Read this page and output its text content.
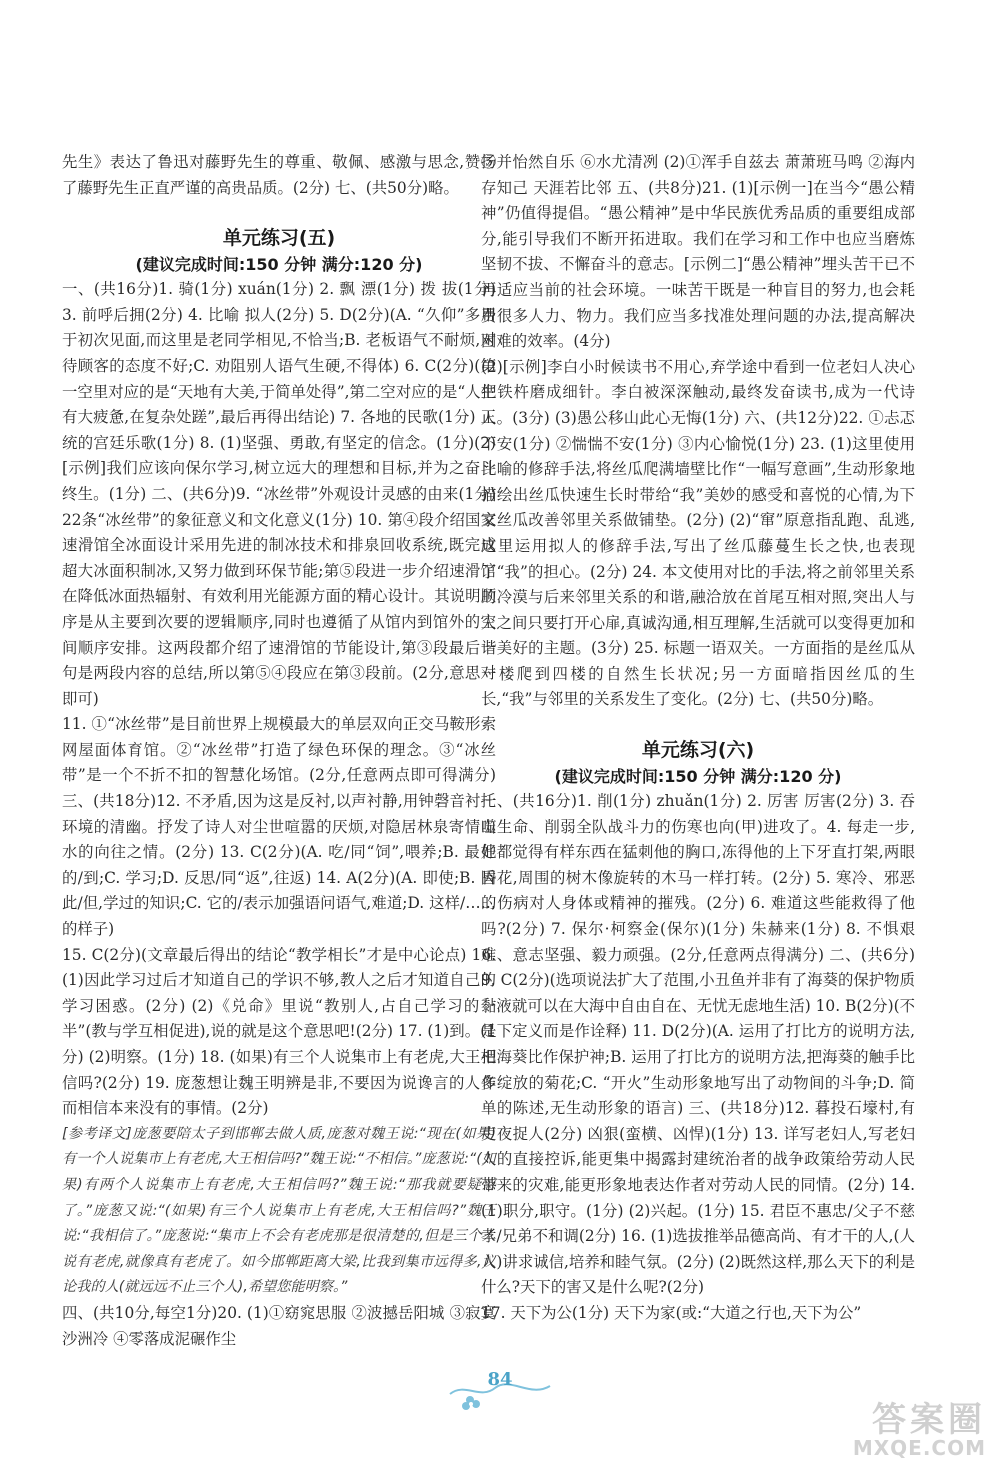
先生》表达了鲁迅对藤野先生的尊重、敬佩、感激与思念,赞扬了藤野先生正直严谨的高贵品质。(2分) 七、(共50分)略。

单元练习(五)
(建议完成时间:150 分钟 满分:120 分)

一、(共16分)1. 骑(1分) xuán(1分) 2. 飘 漂(1分) 拨 拔(1分) 3. 前呼后拥(2分) 4. 比喻 拟人(2分) 5. D(2分)(A. “久仰”多用于初次见面,而这里是老同学相见,不恰当;B. 老板语气不耐烦,对待顾客的态度不好;C. 劝阻别人语气生硬,不得体) 6. C(2分)(第一空里对应的是“天地有大美,于简单处得”,第二空对应的是“人生有大疲惫,在复杂处蹉”,最后再得出结论) 7. 各地的民歌(1分) 正统的宫廷乐歌(1分) 8. (1)坚强、勇敢,有坚定的信念。(1分)(2)[示例]我们应该向保尔学习,树立远大的理想和目标,并为之奋斗终生。(1分) 二、(共6分)9. “冰丝带”外观设计灵感的由来(1分) 22条“冰丝带”的象征意义和文化意义(1分) 10. 第④段介绍国家速滑馆全冰面设计采用先进的制冰技术和排泉回收系统,既完成超大冰面积制冰,又努力做到环保节能;第⑤段进一步介绍速滑馆在降低冰面热辐射、有效利用光能源方面的精心设计。其说明顺序是从主要到次要的逻辑顺序,同时也遵循了从馆内到馆外的空间顺序安排。这两段都介绍了速滑馆的节能设计,第③段最后一句是两段内容的总结,所以第⑤④段应在第③段前。(2分,意思对即可)

11. ①“冰丝带”是目前世界上规模最大的单层双向正交马鞍形索网屋面体育馆。②“冰丝带”打造了绿色环保的理念。③“冰丝带”是一个不折不扣的智慧化场馆。(2分,任意两点即可得满分) 三、(共18分)12. 不矛盾,因为这是反衬,以声衬静,用钟磬音衬托环境的清幽。抒发了诗人对尘世喧嚣的厌烦,对隐居林泉寄情山水的向往之情。(2分) 13. C(2分)(A. 吃/同“饲”,喂养;B. 最好的/到;C. 学习;D. 反思/同“返”,往返) 14. A(2分)(A. 即使;B. 因此/但,学过的知识;C. 它的/表示加强语问语气,难道;D. 这样/……的样子)

15. C(2分)(文章最后得出的结论“教学相长”才是中心论点) 16. (1)因此学习过后才知道自己的学识不够,教人之后才知道自己的学习困惑。(2分) (2)《兑命》里说“教别人,占自己学习的一半”(教与学互相促进),说的就是这个意思吧!(2分) 17. (1)到。(1分) (2)明察。(1分) 18. (如果)有三个人说集市上有老虎,大王相信吗?(2分) 19. 庞葱想让魏王明辨是非,不要因为说谗言的人多而相信本来没有的事情。(2分)

[参考译文]庞葱要陪太子到邯郸去做人质,庞葱对魏王说:“现在(如果)有一个人说集市上有老虎,大王相信吗?”魏王说:“不相信。”庞葱说:“(如果)有两个人说集市上有老虎,大王相信吗?”魏王说:“那我就要疑惑了。”庞葱又说:“(如果)有三个人说集市上有老虎,大王相信吗?”魏王说:“我相信了。”庞葱说:“集市上不会有老虎那是很清楚的,但是三个人说有老虎,就像真有老虎了。如今邯郸距离大梁,比我到集市远得多,议论我的人(就远远不止三个人),希望您能明察。”

四、(共10分,每空1分)20. (1)①窈窕思服 ②波撼岳阳城 ③寂寞沙洲冷 ④零落成泥碾作尘

⑤并怡然自乐 ⑥水尤清冽 (2)①浑手自兹去 萧萧班马鸣 ②海内存知己 天涯若比邻 五、(共8分)21. (1)[示例一]在当今“愚公精神”仍值得提倡。“愚公精神”是中华民族优秀品质的重要组成部分,能引导我们不断开拓进取。我们在学习和工作中也应当磨炼坚韧不拔、不懈奋斗的意志。[示例二]“愚公精神”埋头苦干已不再适应当前的社会环境。一味苦干既是一种盲目的努力,也会耗费很多人力、物力。我们应当多找准处理问题的办法,提高解决困难的效率。(4分)

(2)[示例]李白小时候读书不用心,弃学途中看到一位老妇人决心把铁杵磨成细针。李白被深深触动,最终发奋读书,成为一代诗人。(3分) (3)愚公移山此心无悔(1分) 六、(共12分)22. ①忐忑不安(1分) ②惴惴不安(1分) ③内心愉悦(1分) 23. (1)这里使用比喻的修辞手法,将丝瓜爬满墙壁比作“一幅写意画”,生动形象地描绘出丝瓜快速生长时带给“我”美妙的感受和喜悦的心情,为下文丝瓜改善邻里关系做铺垫。(2分) (2)“窜”原意指乱跑、乱逃,这里运用拟人的修辞手法,写出了丝瓜藤蔓生长之快,也表现了“我”的担心。(2分) 24. 本文使用对比的手法,将之前邻里关系的冷漠与后来邻里关系的和谐,融洽放在首尾互相对照,突出人与人之间只要打开心扉,真诚沟通,相互理解,生活就可以变得更加和谐美好的主题。(3分) 25. 标题一语双关。一方面指的是丝瓜从一楼爬到四楼的自然生长状况;另一方面暗指因丝瓜的生长,“我”与邻里的关系发生了变化。(2分) 七、(共50分)略。

单元练习(六)
(建议完成时间:150 分钟 满分:120 分)

一、(共16分)1. 削(1分) zhuǎn(1分) 2. 厉害 厉害(2分) 3. 吞噬生命、削弱全队战斗力的伤寒也向(甲)进攻了。4. 每走一步,他都觉得有样东西在猛刺他的胸口,冻得他的上下牙直打架,两眼昏花,周围的树木像旋转的木马一样打转。(2分) 5. 寒冷、邪恶的伤病对人身体或精神的摧残。(2分) 6. 难道这些能救得了他吗?(2分) 7. 保尔·柯察金(保尔)(1分) 朱赫来(1分) 8. 不惧艰难、意志坚强、毅力顽强。(2分,任意两点得满分) 二、(共6分)9. C(2分)(选项说法扩大了范围,小丑鱼并非有了海葵的保护物质黏液就可以在大海中自由自在、无忧无虑地生活) 10. B(2分)(不是下定义而是作诠释) 11. D(2分)(A. 运用了打比方的说明方法,把海葵比作保护神;B. 运用了打比方的说明方法,把海葵的触手比作绽放的菊花;C. “开火”生动形象地写出了动物间的斗争;D. 简单的陈述,无生动形象的语言) 三、(共18分)12. 暮投石壕村,有吏夜捉人(2分) 凶狠(蛮横、凶悍)(1分) 13. 详写老妇人,写老妇人的直接控诉,能更集中揭露封建统治者的战争政策给劳动人民带来的灾难,能更形象地表达作者对劳动人民的同情。(2分) 14. (1)职分,职守。(1分) (2)兴起。(1分) 15. 君臣不惠忠/父子不慈孝/兄弟不和调(2分) 16. (1)选拔推举品德高尚、有才干的人,(人人)讲求诚信,培养和睦气氛。(2分) (2)既然这样,那么天下的利是什么?天下的害又是什么呢?(2分)

17. 天下为公(1分) 天下为家(或:“大道之行也,天下为公”

84
答案圈
MXQE.COM
